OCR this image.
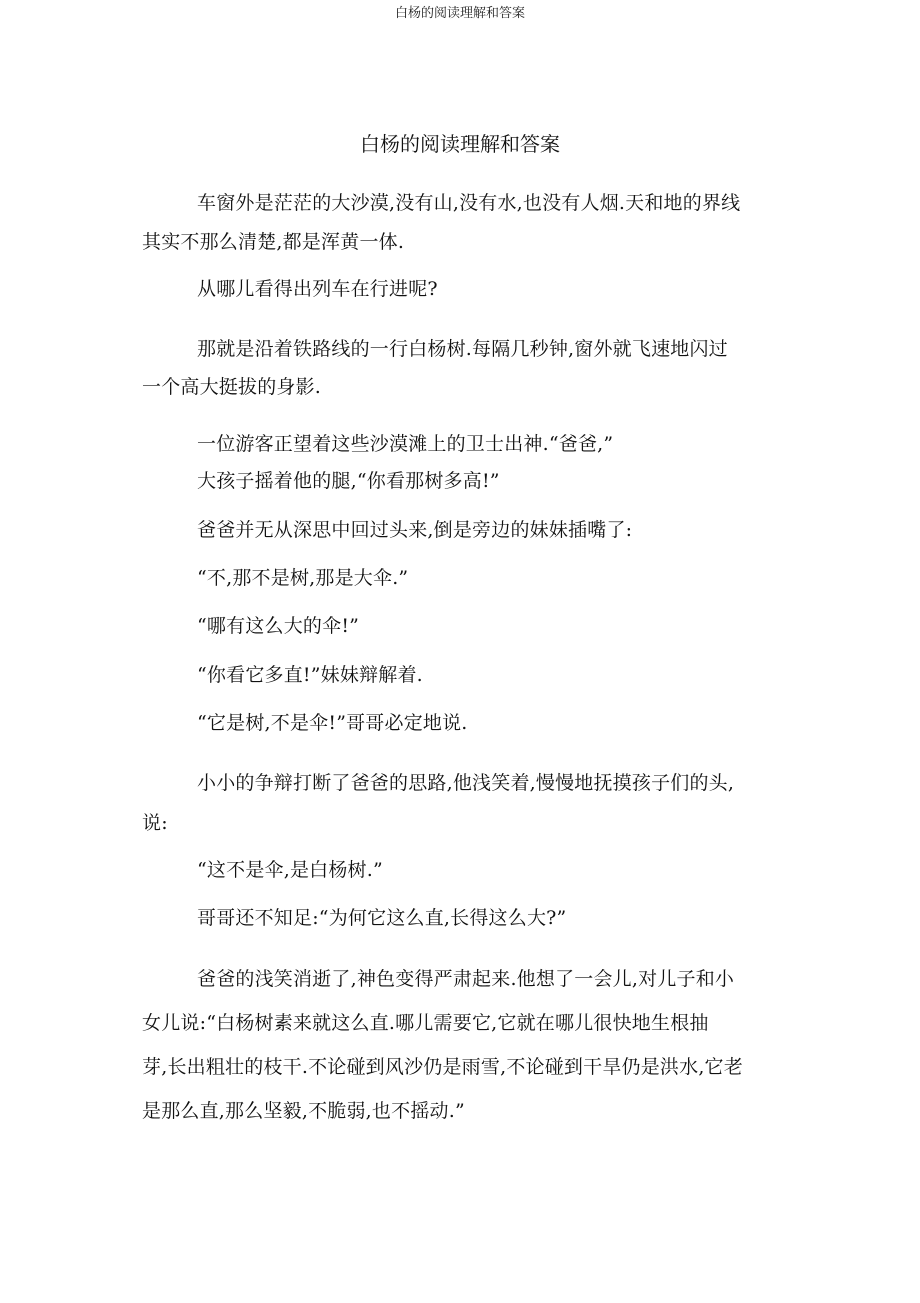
白杨的阅读理解和答案
白杨的阅读理解和答案
车窗外是茫茫的大沙漠,没有山,没有水,也没有人烟.天和地的界线
其实不那么清楚,都是浑黄一体.
从哪儿看得出列车在行进呢?
那就是沿着铁路线的一行白杨树.每隔几秒钟,窗外就飞速地闪过
一个高大挺拔的身影.
一位游客正望着这些沙漠滩上的卫士出神.“爸爸,”
大孩子摇着他的腿,“你看那树多高!”
爸爸并无从深思中回过头来,倒是旁边的妹妹插嘴了:
“不,那不是树,那是大伞.”
“哪有这么大的伞!”
“你看它多直!”妹妹辩解着.
“它是树,不是伞!”哥哥必定地说.
小小的争辩打断了爸爸的思路,他浅笑着,慢慢地抚摸孩子们的头,
说:
“这不是伞,是白杨树.”
哥哥还不知足:“为何它这么直,长得这么大?”
爸爸的浅笑消逝了,神色变得严肃起来.他想了一会儿,对儿子和小
女儿说:“白杨树素来就这么直.哪儿需要它,它就在哪儿很快地生根抽
芽,长出粗壮的枝干.不论碰到风沙仍是雨雪,不论碰到干旱仍是洪水,它老
是那么直,那么坚毅,不脆弱,也不摇动.”
